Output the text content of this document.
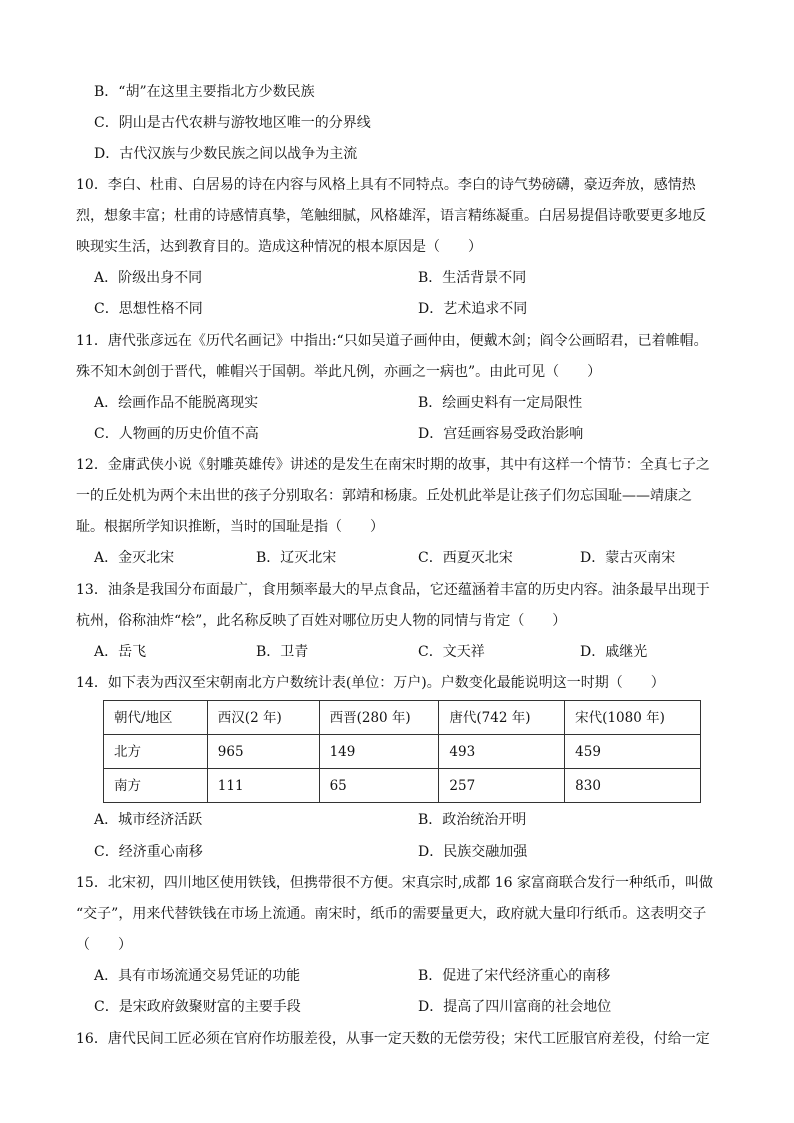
B．“胡”在这里主要指北方少数民族
C．阴山是古代农耕与游牧地区唯一的分界线
D．古代汉族与少数民族之间以战争为主流
10．李白、杜甫、白居易的诗在内容与风格上具有不同特点。李白的诗气势磅礴，豪迈奔放，感情热
烈，想象丰富；杜甫的诗感情真挚，笔触细腻，风格雄浑，语言精练凝重。白居易提倡诗歌要更多地反
映现实生活，达到教育目的。造成这种情况的根本原因是（　　）
A．阶级出身不同	B．生活背景不同
C．思想性格不同	D．艺术追求不同
11．唐代张彦远在《历代名画记》中指出:“只如吴道子画仲由，便戴木剑；阎令公画昭君，已着帷帽。
殊不知木剑创于晋代，帷帽兴于国朝。举此凡例，亦画之一病也”。由此可见（　　）
A．绘画作品不能脱离现实	B．绘画史料有一定局限性
C．人物画的历史价值不高	D．宫廷画容易受政治影响
12．金庸武侠小说《射雕英雄传》讲述的是发生在南宋时期的故事，其中有这样一个情节：全真七子之
一的丘处机为两个未出世的孩子分别取名：郭靖和杨康。丘处机此举是让孩子们勿忘国耻——靖康之
耻。根据所学知识推断，当时的国耻是指（　　）
A．金灭北宋	B．辽灭北宋	C．西夏灭北宋	D．蒙古灭南宋
13．油条是我国分布面最广，食用频率最大的早点食品，它还蕴涵着丰富的历史内容。油条最早出现于
杭州，俗称油炸“桧”，此名称反映了百姓对哪位历史人物的同情与肯定（　　）
A．岳飞	B．卫青	C．文天祥	D．戚继光
14．如下表为西汉至宋朝南北方户数统计表(单位：万户)。户数变化最能说明这一时期（　　）
朝代/地区	西汉(2 年)	西晋(280 年)	唐代(742 年)	宋代(1080 年)
北方	965	149	493	459
南方	111	65	257	830
A．城市经济活跃	B．政治统治开明
C．经济重心南移	D．民族交融加强
15．北宋初，四川地区使用铁钱，但携带很不方便。宋真宗时,成都 16 家富商联合发行一种纸币，叫做
“交子”，用来代替铁钱在市场上流通。南宋时，纸币的需要量更大，政府就大量印行纸币。这表明交子
（　　）
A．具有市场流通交易凭证的功能	B．促进了宋代经济重心的南移
C．是宋政府敛聚财富的主要手段	D．提高了四川富商的社会地位
16．唐代民间工匠必须在官府作坊服差役，从事一定天数的无偿劳役；宋代工匠服官府差役，付给一定
